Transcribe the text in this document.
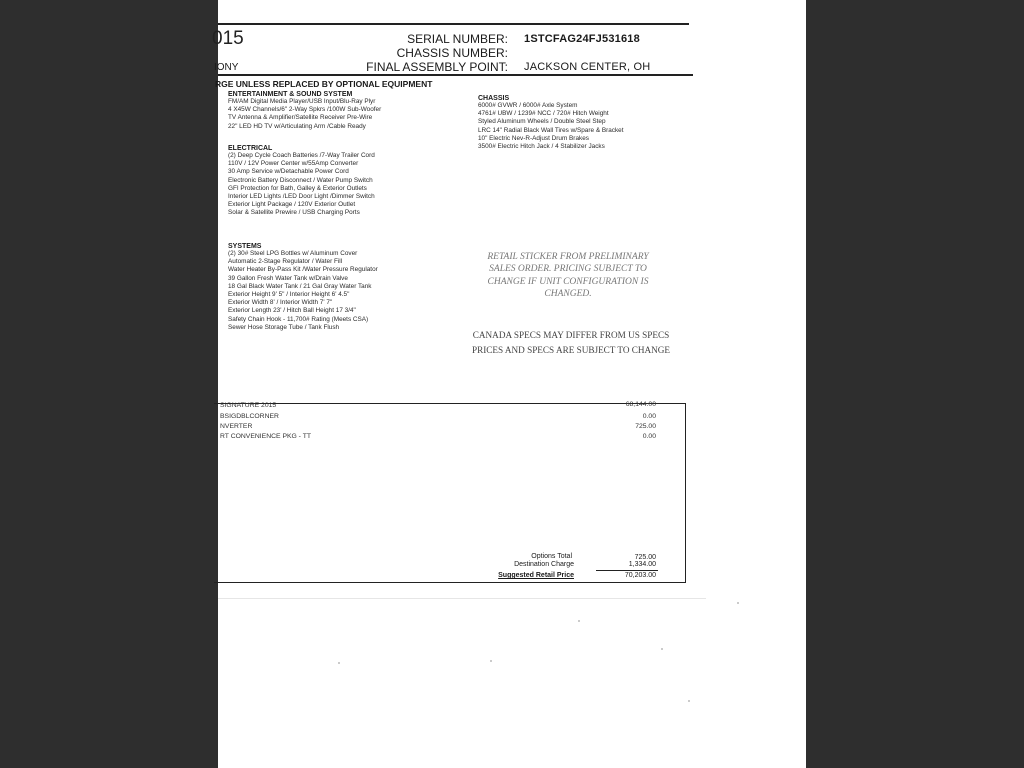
015
IONY
SERIAL NUMBER: 1STCFAG24FJ531618
CHASSIS NUMBER:
FINAL ASSEMBLY POINT: JACKSON CENTER, OH
RGE UNLESS REPLACED BY OPTIONAL EQUIPMENT
ENTERTAINMENT & SOUND SYSTEM
FM/AM Digital Media Player/USB Input/Blu-Ray Plyr
4 X45W Channels/6" 2-Way Spkrs /100W Sub-Woofer
TV Antenna & Amplifier/Satellite Receiver Pre-Wire
22" LED HD TV w/Articulating Arm /Cable Ready
ELECTRICAL
(2) Deep Cycle Coach Batteries /7-Way Trailer Cord
110V / 12V Power Center w/55Amp Converter
30 Amp Service w/Detachable Power Cord
Electronic Battery Disconnect / Water Pump Switch
GFI Protection for Bath, Galley & Exterior Outlets
Interior LED Lights /LED Door Light /Dimmer Switch
Exterior Light Package / 120V Exterior Outlet
Solar & Satellite Prewire / USB Charging Ports
SYSTEMS
(2) 30# Steel LPG Bottles w/ Aluminum Cover
Automatic 2-Stage Regulator / Water Fill
Water Heater By-Pass Kit /Water Pressure Regulator
39 Gallon Fresh Water Tank w/Drain Valve
18 Gal Black Water Tank / 21 Gal Gray Water Tank
Exterior Height 9' 5" / Interior Height 6' 4.5"
Exterior Width 8' / Interior Width 7' 7"
Exterior Length 23' / Hitch Ball Height 17 3/4"
Safety Chain Hook - 11,700# Rating (Meets CSA)
Sewer Hose Storage Tube / Tank Flush
CHASSIS
6000# GVWR / 6000# Axle System
4761# UBW / 1239# NCC / 720# Hitch Weight
Styled Aluminum Wheels / Double Steel Step
LRC 14" Radial Black Wall Tires w/Spare & Bracket
10" Electric Nev-R-Adjust Drum Brakes
3500# Electric Hitch Jack / 4 Stabilizer Jacks
RETAIL STICKER FROM PRELIMINARY
SALES ORDER. PRICING SUBJECT TO
CHANGE IF UNIT CONFIGURATION IS
CHANGED.
CANADA SPECS MAY DIFFER FROM US SPECS
PRICES AND SPECS ARE SUBJECT TO CHANGE
SIGNATURE 2015	68,144.00
BSIGDBLCORNER	0.00
NVERTER	725.00
RT CONVENIENCE PKG - TT	0.00
Options Total	725.00
Destination Charge	1,334.00
Suggested Retail Price	70,203.00
